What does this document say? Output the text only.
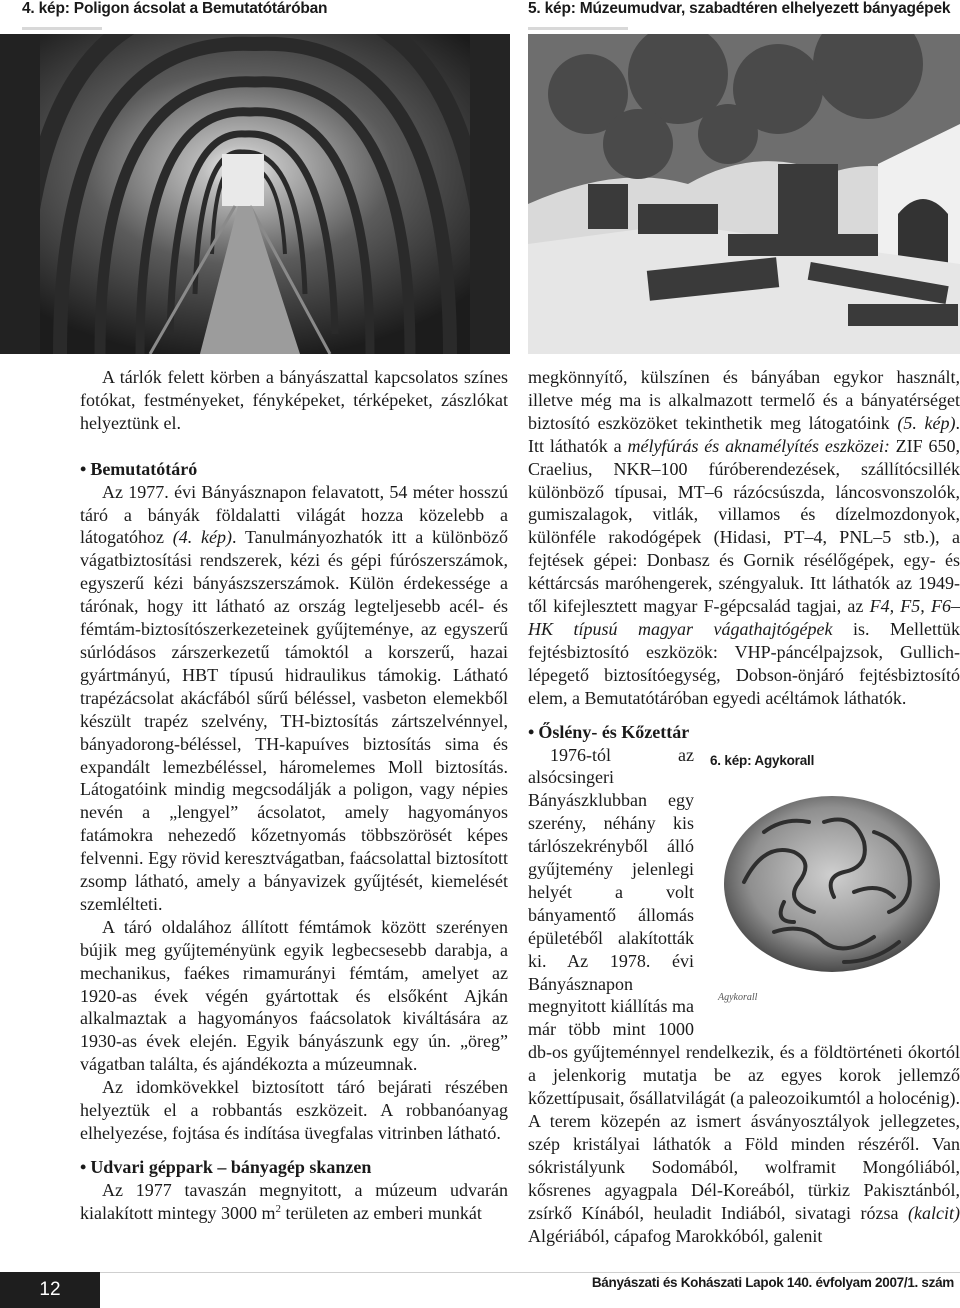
4. kép: Poligon ácsolat a Bemutatótáróban	5. kép: Múzeumudvar, szabadtéren elhelyezett bányagépek

A tárlók felett körben a bányászattal kapcsolatos színes fotókat, festményeket, fényképeket, térképeket, zászlókat helyeztünk el.

• Bemutatótáró

Az 1977. évi Bányásznapon felavatott, 54 méter hosszú táró a bányák földalatti világát hozza közelebb a látogatóhoz (4. kép). Tanulmányozhatók itt a különböző vágatbiztosítási rendszerek, kézi és gépi fúrószerszámok, egyszerű kézi bányászszerszámok. Külön érdekessége a tárónak, hogy itt látható az ország legteljesebb acél- és fémtám-biztosítószerkezeteinek gyűjteménye, az egyszerű súrlódásos zárszerkezetű támoktól a korszerű, hazai gyártmányú, HBT típusú hidraulikus támokig. Látható trapézácsolat akácfából sűrű béléssel, vasbeton elemekből készült trapéz szelvény, TH-biztosítás zártszelvénnyel, bányadorong-béléssel, TH-kapuíves biztosítás sima és expandált lemezbéléssel, háromelemes Moll biztosítás. Látogatóink mindig megcsodálják a poligon, vagy népies nevén a „lengyel” ácsolatot, amely hagyományos fatámokra nehezedő kőzetnyomás többszörösét képes felvenni. Egy rövid keresztvágatban, faácsolattal biztosított zsomp látható, amely a bányavizek gyűjtését, kiemelését szemlélteti.

A táró oldalához állított fémtámok között szerényen bújik meg gyűjteményünk egyik legbecsesebb darabja, a mechanikus, faékes rimamurányi fémtám, amelyet az 1920-as évek végén gyártottak és elsőként Ajkán alkalmaztak a hagyományos faácsolatok kiváltására az 1930-as évek elején. Egyik bányászunk egy ún. „öreg” vágatban találta, és ajándékozta a múzeumnak.

Az idomkövekkel biztosított táró bejárati részében helyeztük el a robbantás eszközeit. A robbanóanyag elhelyezése, fojtása és indítása üvegfalas vitrinben látható.

• Udvari géppark – bányagép skanzen

Az 1977 tavaszán megnyitott, a múzeum udvarán kialakított mintegy 3000 $m^2$ területen az emberi munkát

megkönnyítő, külszínen és bányában egykor használt, illetve még ma is alkalmazott termelő és a bányatérséget biztosító eszközöket tekinthetik meg látogatóink (5. kép). Itt láthatók a mélyfúrás és aknamélyítés eszközei: ZIF 650, Craelius, NKR–100 fúróberendezések, szállítócsillék különböző típusai, MT–6 rázócsúszda, láncosvonszolók, gumiszalagok, vitlák, villamos és dízelmozdonyok, különféle rakodógépek (Hidasi, PT–4, PNL–5 stb.), a fejtések gépei: Donbasz és Gornik résélőgépek, egy- és kéttárcsás maróhengerek, széngyaluk. Itt láthatók az 1949-től kifejlesztett magyar F-gépcsalád tagjai, az F4, F5, F6–HK típusú magyar vágathajtógépek is. Mellettük fejtésbiztosító eszközök: VHP-páncélpajzsok, Gullich-lépegető biztosítóegység, Dobson-önjáró fejtésbiztosító elem, a Bemutatótáróban egyedi acéltámok láthatók.

• Őslény- és Kőzettár
6. kép: Agykorall
Agykorall

1976-tól az alsócsingeri Bányászklubban egy szerény, néhány kis tárlószekrényből álló gyűjtemény jelenlegi helyét a volt bányamentő állomás épületéből alakították ki. Az 1978. évi Bányásznapon megnyitott kiállítás ma már több mint 1000 db-os gyűjteménnyel rendelkezik, és a földtörténeti ókortól a jelenkorig mutatja be az egyes korok jellemző kőzettípusait, ősállatvilágát (a paleozoikumtól a holocénig). A terem közepén az ismert ásványosztályok jellegzetes, szép kristályai láthatók a Föld minden részéről. Van sókristályunk Sodomából, wolframit Mongóliából, kősrenes agyagpala Dél-Koreából, türkiz Pakisztánból, zsírkő Kínából, heuladit Indiából, sivatagi rózsa (kalcit) Algériából, cápafog Marokkóból, galenit

12	Bányászati és Kohászati Lapok 140. évfolyam 2007/1. szám
